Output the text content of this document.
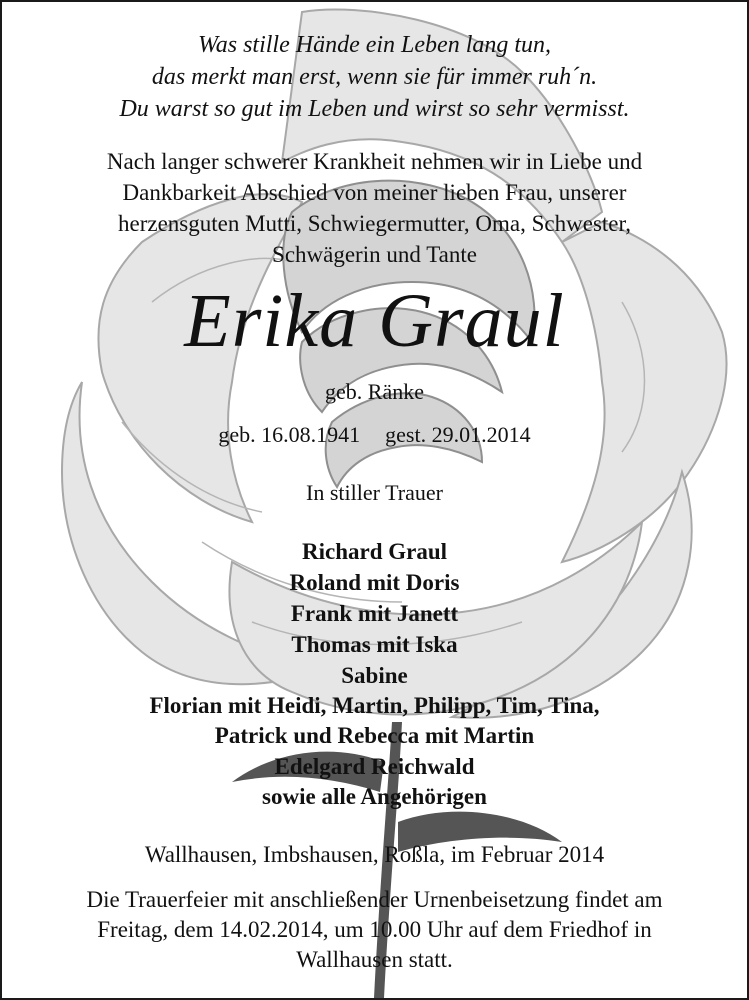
Was stille Hände ein Leben lang tun,
das merkt man erst, wenn sie für immer ruh´n.
Du warst so gut im Leben und wirst so sehr vermisst.
Nach langer schwerer Krankheit nehmen wir in Liebe und
Dankbarkeit Abschied von meiner lieben Frau, unserer
herzensguten Mutti, Schwiegermutter, Oma, Schwester,
Schwägerin und Tante
Erika Graul
geb. Ränke
geb. 16.08.1941 gest. 29.01.2014
In stiller Trauer
Richard Graul
Roland mit Doris
Frank mit Janett
Thomas mit Iska
Sabine
Florian mit Heidi, Martin, Philipp, Tim, Tina,
Patrick und Rebecca mit Martin
Edelgard Reichwald
sowie alle Angehörigen
Wallhausen, Imbshausen, Roßla, im Februar 2014
Die Trauerfeier mit anschließender Urnenbeisetzung findet am
Freitag, dem 14.02.2014, um 10.00 Uhr auf dem Friedhof in
Wallhausen statt.
